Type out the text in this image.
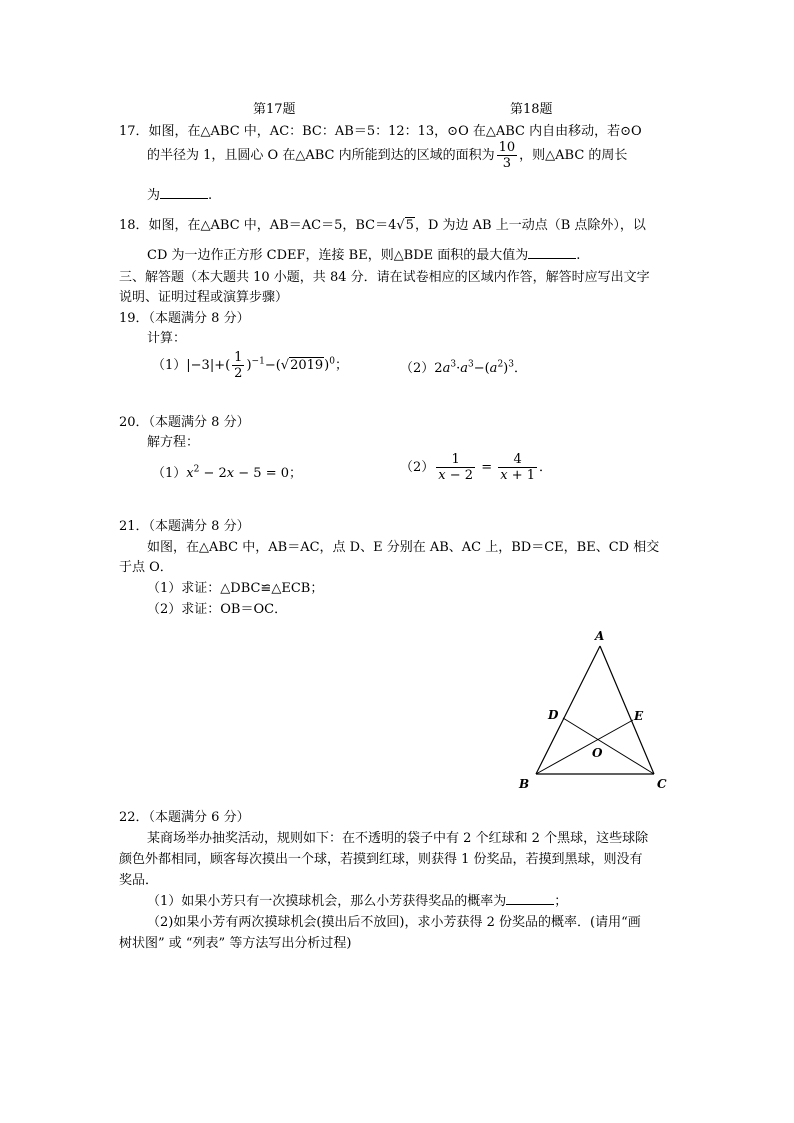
第17题	第18题
17．如图，在△ABC 中，AC：BC：AB＝5：12：13，⊙O 在△ABC 内自由移动，若⊙O
的半径为 1，且圆心 O 在△ABC 内所能到达的区域的面积为 $\frac{10}{3}$ ，则△ABC 的周长
为	.
18．如图，在△ABC 中，AB＝AC＝5，BC＝4√5，D 为边 AB 上一动点（B 点除外），以
CD 为一边作正方形 CDEF，连接 BE，则△BDE 面积的最大值为	.
三、解答题（本大题共 10 小题，共 84 分．请在试卷相应的区域内作答，解答时应写出文字
说明、证明过程或演算步骤）
19．（本题满分 8 分）
计算：
$(1)|-3|+( \frac{1}{2} )^{-1}-(√2019)^0$；	$(2)2a^3\cdot a^3-(a^2)^3$．
20．（本题满分 8 分）
解方程：
$(1)x^2 - 2x - 5 = 0$；	$(2) \frac{1}{x - 2} = \frac{4}{x + 1}$ ．
21．（本题满分 8 分）
如图，在△ABC 中，AB＝AC，点 D、E 分别在 AB、AC 上，BD＝CE，BE、CD 相交
于点 O．
（1）求证：△DBC≌△ECB；
（2）求证：OB＝OC．
A
B	C
D	E
O
22．（本题满分 6 分）
某商场举办抽奖活动，规则如下：在不透明的袋子中有 2 个红球和 2 个黑球，这些球除
颜色外都相同，顾客每次摸出一个球，若摸到红球，则获得 1 份奖品，若摸到黑球，则没有
奖品．
（1）如果小芳只有一次摸球机会，那么小芳获得奖品的概率为	；
（2)如果小芳有两次摸球机会(摸出后不放回)，求小芳获得 2 份奖品的概率．(请用“画
树状图” 或 “列表” 等方法写出分析过程)
